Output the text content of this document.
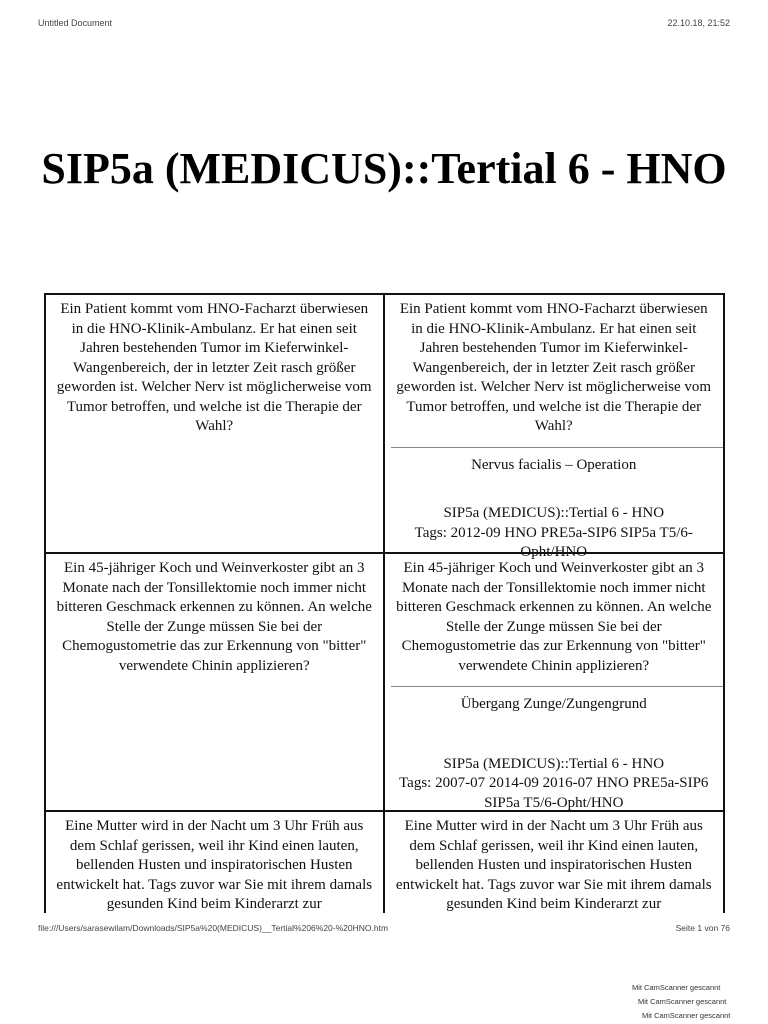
Untitled Document	22.10.18, 21:52
SIP5a (MEDICUS)::Tertial 6 - HNO
Ein Patient kommt vom HNO-Facharzt überwiesen in die HNO-Klinik-Ambulanz. Er hat einen seit Jahren bestehenden Tumor im Kieferwinkel-Wangenbereich, der in letzter Zeit rasch größer geworden ist. Welcher Nerv ist möglicherweise vom Tumor betroffen, und welche ist die Therapie der Wahl?
Ein Patient kommt vom HNO-Facharzt überwiesen in die HNO-Klinik-Ambulanz. Er hat einen seit Jahren bestehenden Tumor im Kieferwinkel-Wangenbereich, der in letzter Zeit rasch größer geworden ist. Welcher Nerv ist möglicherweise vom Tumor betroffen, und welche ist die Therapie der Wahl?
Nervus facialis – Operation
SIP5a (MEDICUS)::Tertial 6 - HNO
Tags: 2012-09 HNO PRE5a-SIP6 SIP5a T5/6-Opht/HNO
Ein 45-jähriger Koch und Weinverkoster gibt an 3 Monate nach der Tonsillektomie noch immer nicht bitteren Geschmack erkennen zu können. An welche Stelle der Zunge müssen Sie bei der Chemogustometrie das zur Erkennung von "bitter" verwendete Chinin applizieren?
Ein 45-jähriger Koch und Weinverkoster gibt an 3 Monate nach der Tonsillektomie noch immer nicht bitteren Geschmack erkennen zu können. An welche Stelle der Zunge müssen Sie bei der Chemogustometrie das zur Erkennung von "bitter" verwendete Chinin applizieren?
Übergang Zunge/Zungengrund
SIP5a (MEDICUS)::Tertial 6 - HNO
Tags: 2007-07 2014-09 2016-07 HNO PRE5a-SIP6 SIP5a T5/6-Opht/HNO
Eine Mutter wird in der Nacht um 3 Uhr Früh aus dem Schlaf gerissen, weil ihr Kind einen lauten, bellenden Husten und inspiratorischen Husten entwickelt hat. Tags zuvor war Sie mit ihrem damals gesunden Kind beim Kinderarzt zur
Eine Mutter wird in der Nacht um 3 Uhr Früh aus dem Schlaf gerissen, weil ihr Kind einen lauten, bellenden Husten und inspiratorischen Husten entwickelt hat. Tags zuvor war Sie mit ihrem damals gesunden Kind beim Kinderarzt zur
file:///Users/sarasewilam/Downloads/SIP5a%20(MEDICUS)__Tertial%206%20-%20HNO.htm	Seite 1 von 76
Mit CamScanner gescannt
Mit CamScanner gescannt
Mit CamScanner gescannt
